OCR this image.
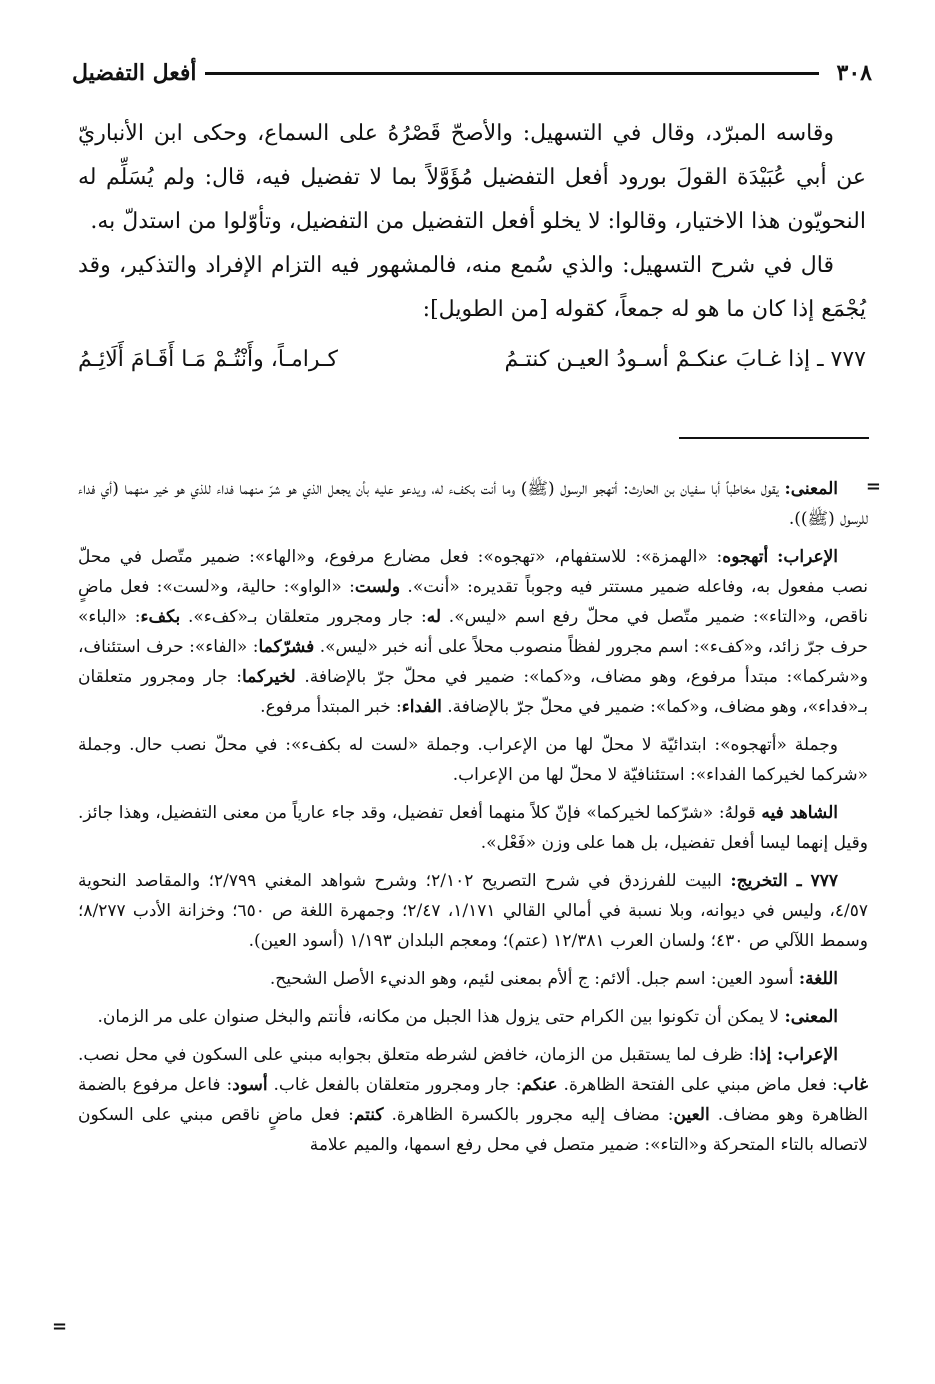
٣٠٨
أفعل التفضيل

وقاسه المبرّد، وقال في التسهيل: والأصحّ قَصْرُهُ على السماع، وحكى ابن الأنباريّ عن أبي عُبَيْدَة القولَ بورود أفعل التفضيل مُؤَوَّلاً بما لا تفضيل فيه، قال: ولم يُسَلِّم له النحويّون هذا الاختيار، وقالوا: لا يخلو أفعل التفضيل من التفضيل، وتأوّلوا من استدلّ به.

قال في شرح التسهيل: والذي سُمع منه، فالمشهور فيه التزام الإفراد والتذكير، وقد يُجْمَع إذا كان ما هو له جمعاً، كقوله [من الطويل]:

٧٧٧ ـ إذا غـابَ عنكـمْ أسـودُ العيـن كنتـمُ
كـرامـاً، وأَنْتُـمْ مَـا أَقَـامَ أَلَائِـمُ

=

المعنى: يقول مخاطباً أبا سفيان بن الحارث: أتهجو الرسول (ﷺ) وما أنت بكفء له، ويدعو عليه بأن يجعل الذي هو شرّ منهما فداء للذي هو خير منهما (أي فداء للرسول (ﷺ)).

الإعراب: أتهجوه: «الهمزة»: للاستفهام، «تهجوه»: فعل مضارع مرفوع، و«الهاء»: ضمير متّصل في محلّ نصب مفعول به، وفاعله ضمير مستتر فيه وجوباً تقديره: «أنت». ولست: «الواو»: حالية، و«لست»: فعل ماضٍ ناقص، و«التاء»: ضمير متّصل في محلّ رفع اسم «ليس». له: جار ومجرور متعلقان بـ«كفء». بكفء: «الباء» حرف جرّ زائد، و«كفء»: اسم مجرور لفظاً منصوب محلاً على أنه خبر «ليس». فشرّكما: «الفاء»: حرف استئناف، و«شركما»: مبتدأ مرفوع، وهو مضاف، و«كما»: ضمير في محلّ جرّ بالإضافة. لخيركما: جار ومجرور متعلقان بـ«فداء»، وهو مضاف، و«كما»: ضمير في محلّ جرّ بالإضافة. الفداء: خبر المبتدأ مرفوع.

وجملة «أتهجوه»: ابتدائيّة لا محلّ لها من الإعراب. وجملة «لست له بكفء»: في محلّ نصب حال. وجملة «شركما لخيركما الفداء»: استئنافيّة لا محلّ لها من الإعراب.

الشاهد فيه قولهُ: «شرّكما لخيركما» فإنّ كلاً منهما أفعل تفضيل، وقد جاء عارياً من معنى التفضيل، وهذا جائز. وقيل إنهما ليسا أفعل تفضيل، بل هما على وزن «فَعْل».

٧٧٧ ـ التخريج: البيت للفرزدق في شرح التصريح ٢/١٠٢؛ وشرح شواهد المغني ٢/٧٩٩؛ والمقاصد النحوية ٤/٥٧، وليس في ديوانه، وبلا نسبة في أمالي القالي ١/١٧١، ٢/٤٧؛ وجمهرة اللغة ص ٦٥٠؛ وخزانة الأدب ٨/٢٧٧؛ وسمط اللآلي ص ٤٣٠؛ ولسان العرب ١٢/٣٨١ (عتم)؛ ومعجم البلدان ١/١٩٣ (أسود العين).

اللغة: أسود العين: اسم جبل. ألائم: ج ألأم بمعنى لئيم، وهو الدنيء الأصل الشحيح.

المعنى: لا يمكن أن تكونوا بين الكرام حتى يزول هذا الجبل من مكانه، فأنتم والبخل صنوان على مر الزمان.

الإعراب: إذا: ظرف لما يستقبل من الزمان، خافض لشرطه متعلق بجوابه مبني على السكون في محل نصب. غاب: فعل ماض مبني على الفتحة الظاهرة. عنكم: جار ومجرور متعلقان بالفعل غاب. أسود: فاعل مرفوع بالضمة الظاهرة وهو مضاف. العين: مضاف إليه مجرور بالكسرة الظاهرة. كنتم: فعل ماضٍ ناقص مبني على السكون لاتصاله بالتاء المتحركة و«التاء»: ضمير متصل في محل رفع اسمها، والميم علامة

=
